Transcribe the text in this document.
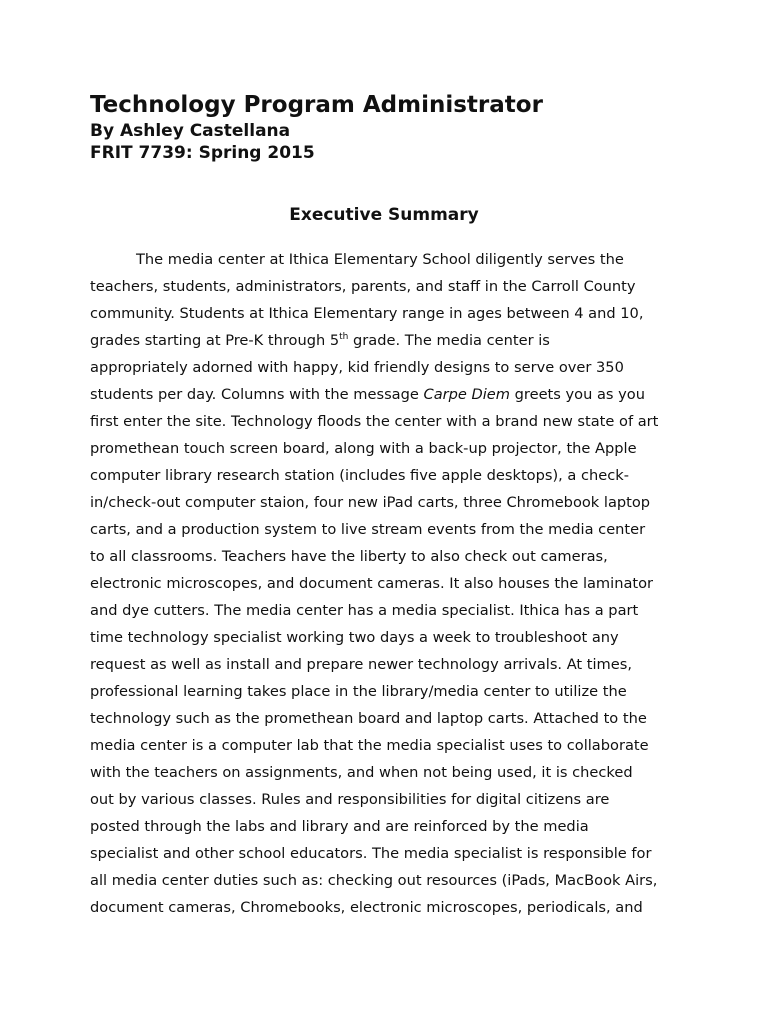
Technology Program Administrator
By Ashley Castellana
FRIT 7739: Spring 2015
Executive Summary
The media center at Ithica Elementary School diligently serves the
teachers, students, administrators, parents, and staff in the Carroll County
community. Students at Ithica Elementary range in ages between 4 and 10,
grades starting at Pre-K through 5th grade. The media center is
appropriately adorned with happy, kid friendly designs to serve over 350
students per day. Columns with the message Carpe Diem greets you as you
first enter the site. Technology floods the center with a brand new state of art
promethean touch screen board, along with a back-up projector, the Apple
computer library research station (includes five apple desktops), a check-
in/check-out computer staion, four new iPad carts, three Chromebook laptop
carts, and a production system to live stream events from the media center
to all classrooms. Teachers have the liberty to also check out cameras,
electronic microscopes, and document cameras. It also houses the laminator
and dye cutters. The media center has a media specialist. Ithica has a part
time technology specialist working two days a week to troubleshoot any
request as well as install and prepare newer technology arrivals. At times,
professional learning takes place in the library/media center to utilize the
technology such as the promethean board and laptop carts. Attached to the
media center is a computer lab that the media specialist uses to collaborate
with the teachers on assignments, and when not being used, it is checked
out by various classes. Rules and responsibilities for digital citizens are
posted through the labs and library and are reinforced by the media
specialist and other school educators. The media specialist is responsible for
all media center duties such as: checking out resources (iPads, MacBook Airs,
document cameras, Chromebooks, electronic microscopes, periodicals, and
